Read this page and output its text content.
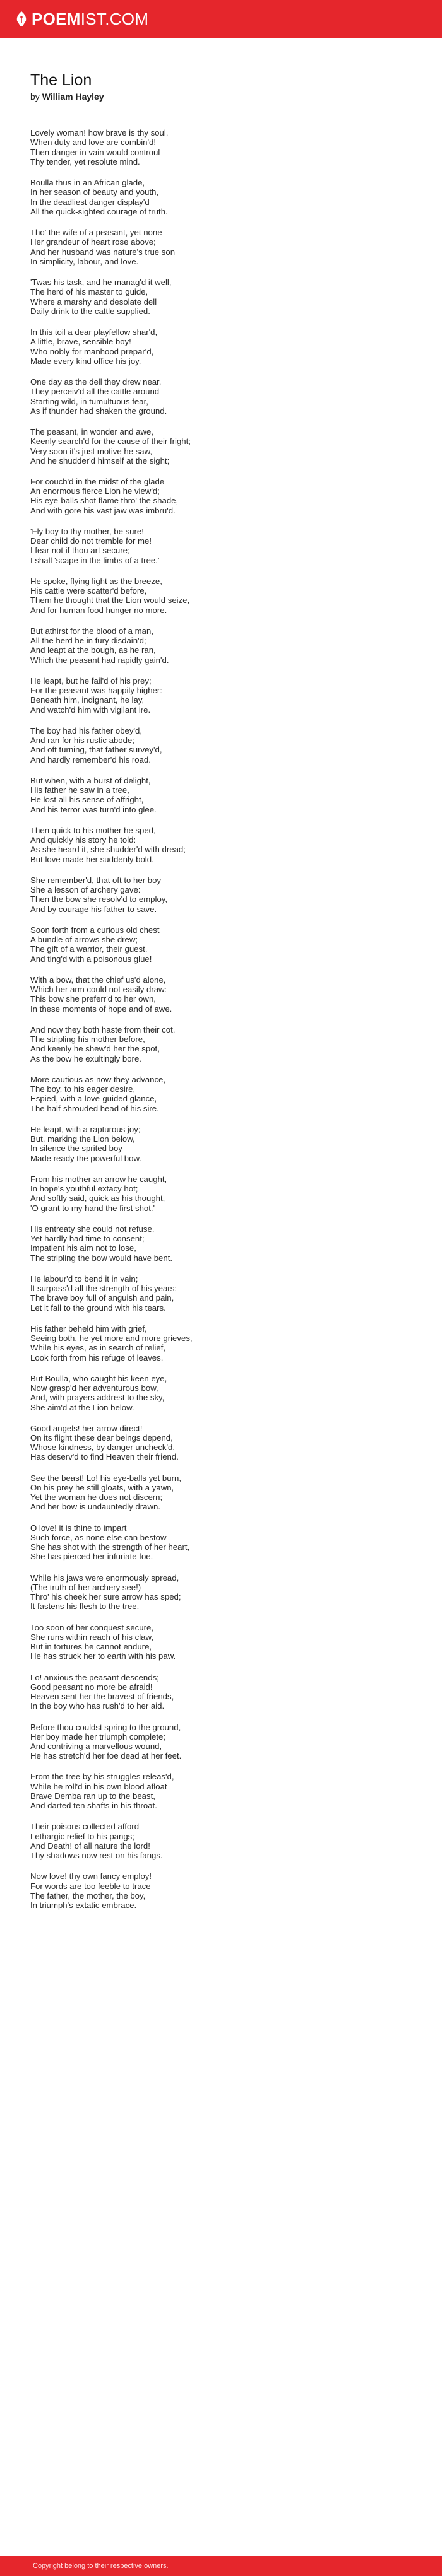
POEMIST.COM
The Lion
by William Hayley
Lovely woman! how brave is thy soul,
When duty and love are combin'd!
Then danger in vain would controul
Thy tender, yet resolute mind.
Boulla thus in an African glade,
In her season of beauty and youth,
In the deadliest danger display'd
All the quick-sighted courage of truth.
Tho' the wife of a peasant, yet none
Her grandeur of heart rose above;
And her husband was nature's true son
In simplicity, labour, and love.
'Twas his task, and he manag'd it well,
The herd of his master to guide,
Where a marshy and desolate dell
Daily drink to the cattle supplied.
In this toil a dear playfellow shar'd,
A little, brave, sensible boy!
Who nobly for manhood prepar'd,
Made every kind office his joy.
One day as the dell they drew near,
They perceiv'd all the cattle around
Starting wild, in tumultuous fear,
As if thunder had shaken the ground.
The peasant, in wonder and awe,
Keenly search'd for the cause of their fright;
Very soon it's just motive he saw,
And he shudder'd himself at the sight;
For couch'd in the midst of the glade
An enormous fierce Lion he view'd;
His eye-balls shot flame thro' the shade,
And with gore his vast jaw was imbru'd.
'Fly boy to thy mother, be sure!
Dear child do not tremble for me!
I fear not if thou art secure;
I shall 'scape in the limbs of a tree.'
He spoke, flying light as the breeze,
His cattle were scatter'd before,
Them he thought that the Lion would seize,
And for human food hunger no more.
But athirst for the blood of a man,
All the herd he in fury disdain'd;
And leapt at the bough, as he ran,
Which the peasant had rapidly gain'd.
He leapt, but he fail'd of his prey;
For the peasant was happily higher:
Beneath him, indignant, he lay,
And watch'd him with vigilant ire.
The boy had his father obey'd,
And ran for his rustic abode;
And oft turning, that father survey'd,
And hardly remember'd his road.
But when, with a burst of delight,
His father he saw in a tree,
He lost all his sense of affright,
And his terror was turn'd into glee.
Then quick to his mother he sped,
And quickly his story he told:
As she heard it, she shudder'd with dread;
But love made her suddenly bold.
She remember'd, that oft to her boy
She a lesson of archery gave:
Then the bow she resolv'd to employ,
And by courage his father to save.
Soon forth from a curious old chest
A bundle of arrows she drew;
The gift of a warrior, their guest,
And ting'd with a poisonous glue!
With a bow, that the chief us'd alone,
Which her arm could not easily draw:
This bow she preferr'd to her own,
In these moments of hope and of awe.
And now they both haste from their cot,
The stripling his mother before,
And keenly he shew'd her the spot,
As the bow he exultingly bore.
More cautious as now they advance,
The boy, to his eager desire,
Espied, with a love-guided glance,
The half-shrouded head of his sire.
He leapt, with a rapturous joy;
But, marking the Lion below,
In silence the sprited boy
Made ready the powerful bow.
From his mother an arrow he caught,
In hope's youthful extacy hot;
And softly said, quick as his thought,
'O grant to my hand the first shot.'
His entreaty she could not refuse,
Yet hardly had time to consent;
Impatient his aim not to lose,
The stripling the bow would have bent.
He labour'd to bend it in vain;
It surpass'd all the strength of his years:
The brave boy full of anguish and pain,
Let it fall to the ground with his tears.
His father beheld him with grief,
Seeing both, he yet more and more grieves,
While his eyes, as in search of relief,
Look forth from his refuge of leaves.
But Boulla, who caught his keen eye,
Now grasp'd her adventurous bow,
And, with prayers addrest to the sky,
She aim'd at the Lion below.
Good angels! her arrow direct!
On its flight these dear beings depend,
Whose kindness, by danger uncheck'd,
Has deserv'd to find Heaven their friend.
See the beast! Lo! his eye-balls yet burn,
On his prey he still gloats, with a yawn,
Yet the woman he does not discern;
And her bow is undauntedly drawn.
O love! it is thine to impart
Such force, as none else can bestow--
She has shot with the strength of her heart,
She has pierced her infuriate foe.
While his jaws were enormously spread,
(The truth of her archery see!)
Thro' his cheek her sure arrow has sped;
It fastens his flesh to the tree.
Too soon of her conquest secure,
She runs within reach of his claw,
But in tortures he cannot endure,
He has struck her to earth with his paw.
Lo! anxious the peasant descends;
Good peasant no more be afraid!
Heaven sent her the bravest of friends,
In the boy who has rush'd to her aid.
Before thou couldst spring to the ground,
Her boy made her triumph complete;
And contriving a marvellous wound,
He has stretch'd her foe dead at her feet.
From the tree by his struggles releas'd,
While he roll'd in his own blood afloat
Brave Demba ran up to the beast,
And darted ten shafts in his throat.
Their poisons collected afford
Lethargic relief to his pangs;
And Death! of all nature the lord!
Thy shadows now rest on his fangs.
Now love! thy own fancy employ!
For words are too feeble to trace
The father, the mother, the boy,
In triumph's extatic embrace.
Copyright belong to their respective owners.
